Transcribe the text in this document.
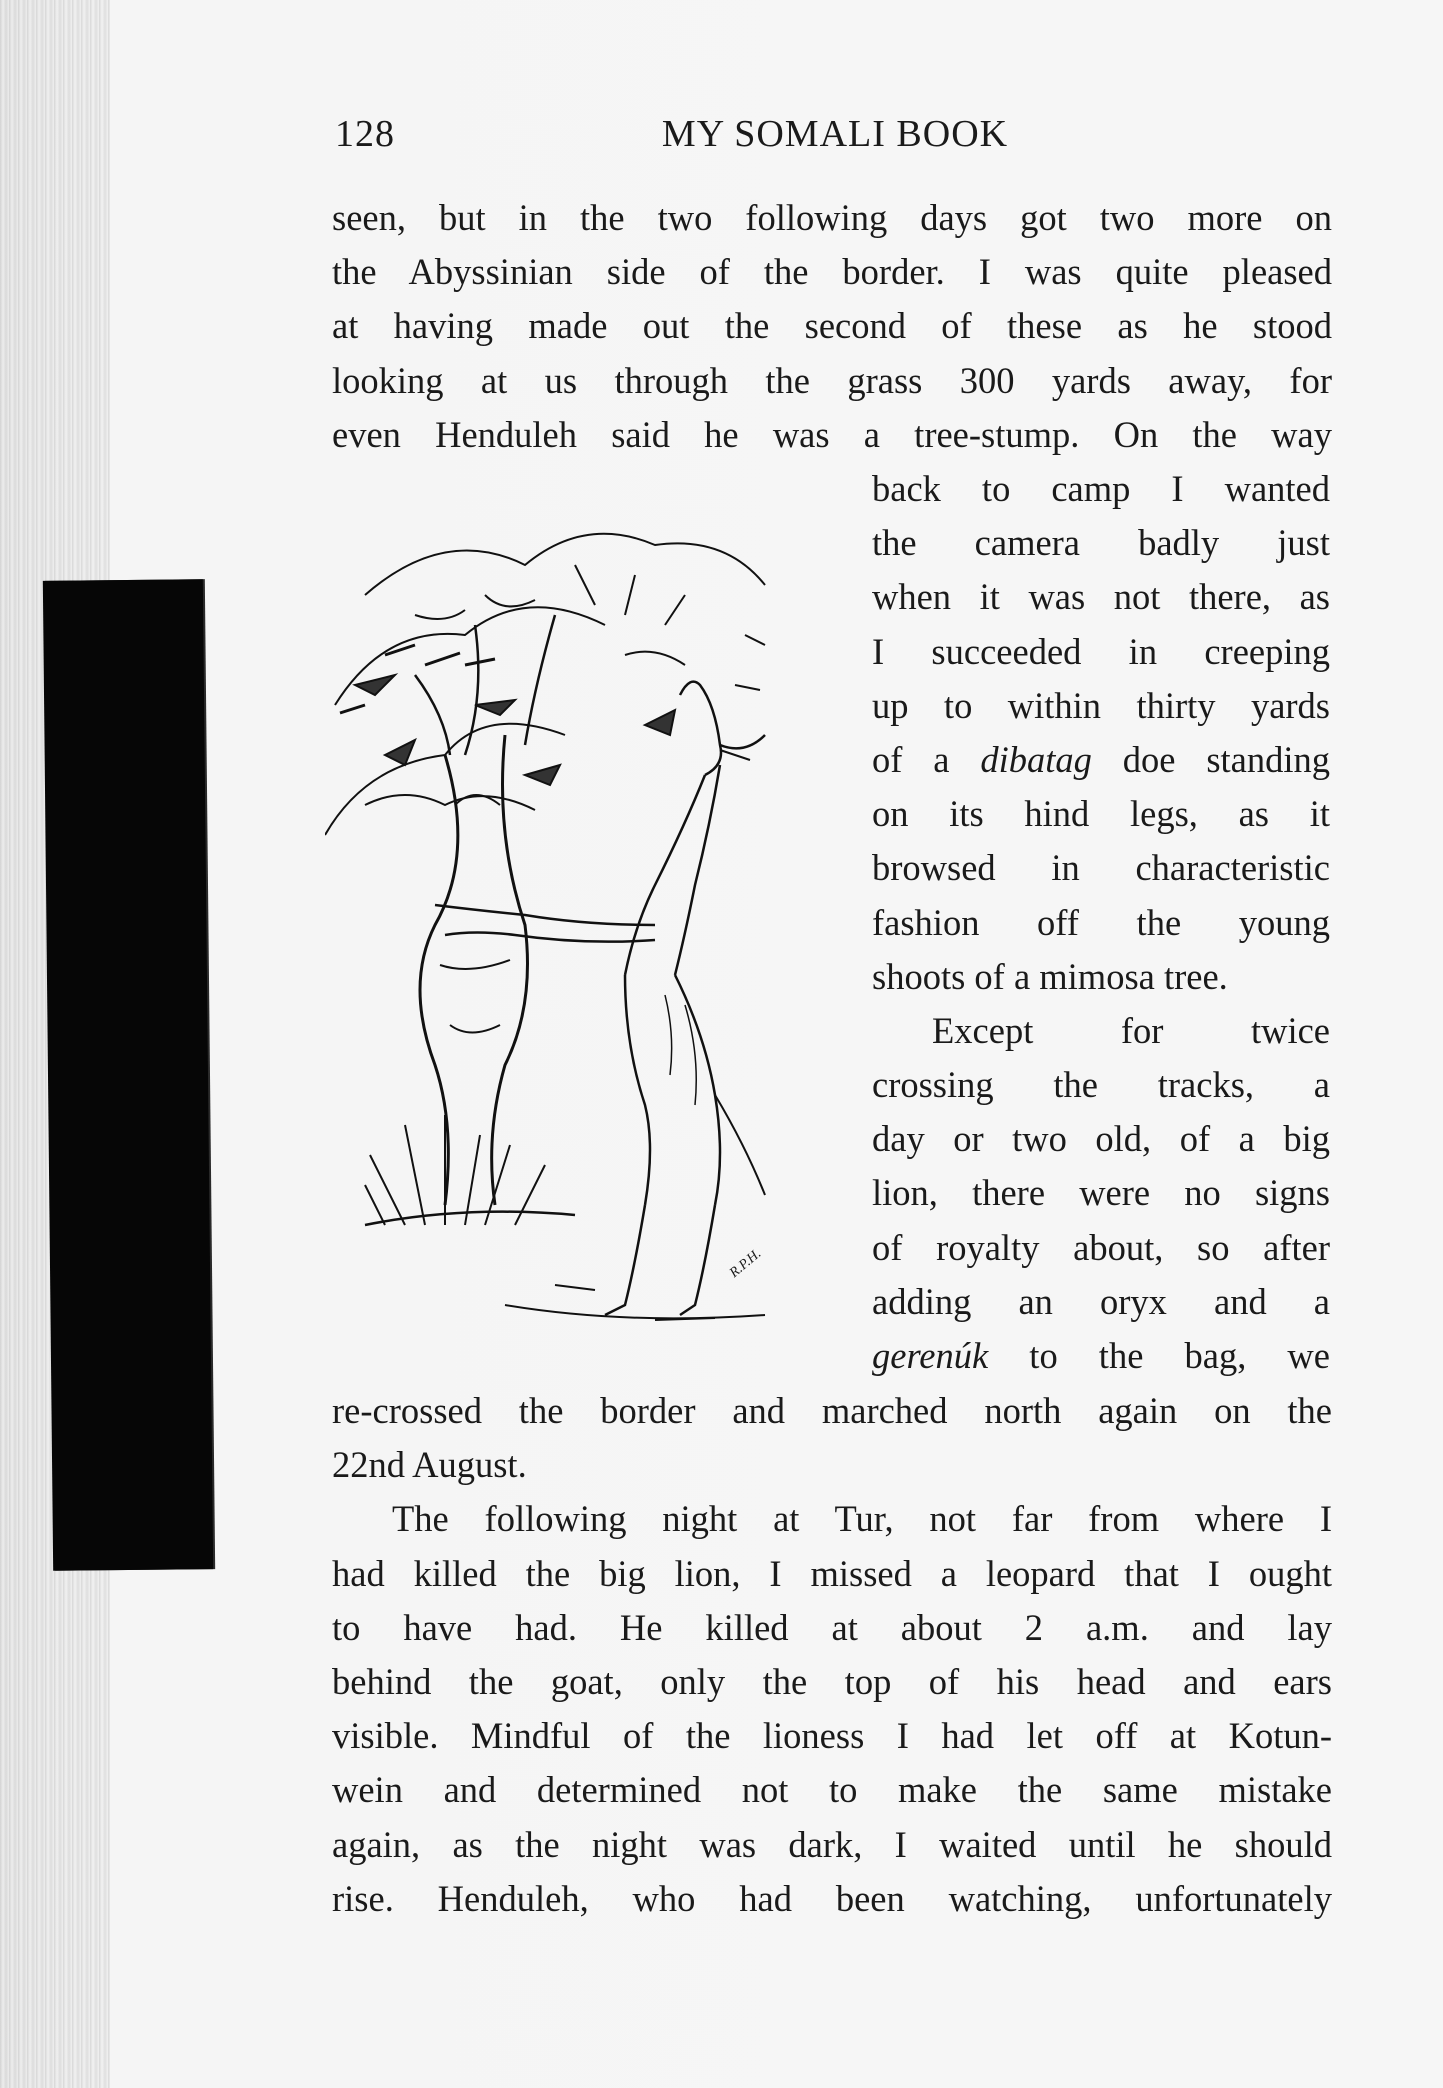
128	MY SOMALI BOOK
seen, but in the two following days got two more on
the Abyssinian side of the border. I was quite pleased
at having made out the second of these as he stood
looking at us through the grass 300 yards away, for
even Henduleh said he was a tree-stump. On the way
R.P.H.
back to camp I wanted
the camera badly just
when it was not there, as
I succeeded in creeping
up to within thirty yards
of a dibatag doe standing
on its hind legs, as it
browsed in characteristic
fashion off the young
shoots of a mimosa tree.
Except for twice
crossing the tracks, a
day or two old, of a big
lion, there were no signs
of royalty about, so after
adding an oryx and a
gerenúk to the bag, we
re-crossed the border and marched north again on the
22nd August.
The following night at Tur, not far from where I
had killed the big lion, I missed a leopard that I ought
to have had. He killed at about 2 a.m. and lay
behind the goat, only the top of his head and ears
visible. Mindful of the lioness I had let off at Kotun-
wein and determined not to make the same mistake
again, as the night was dark, I waited until he should
rise. Henduleh, who had been watching, unfortunately
